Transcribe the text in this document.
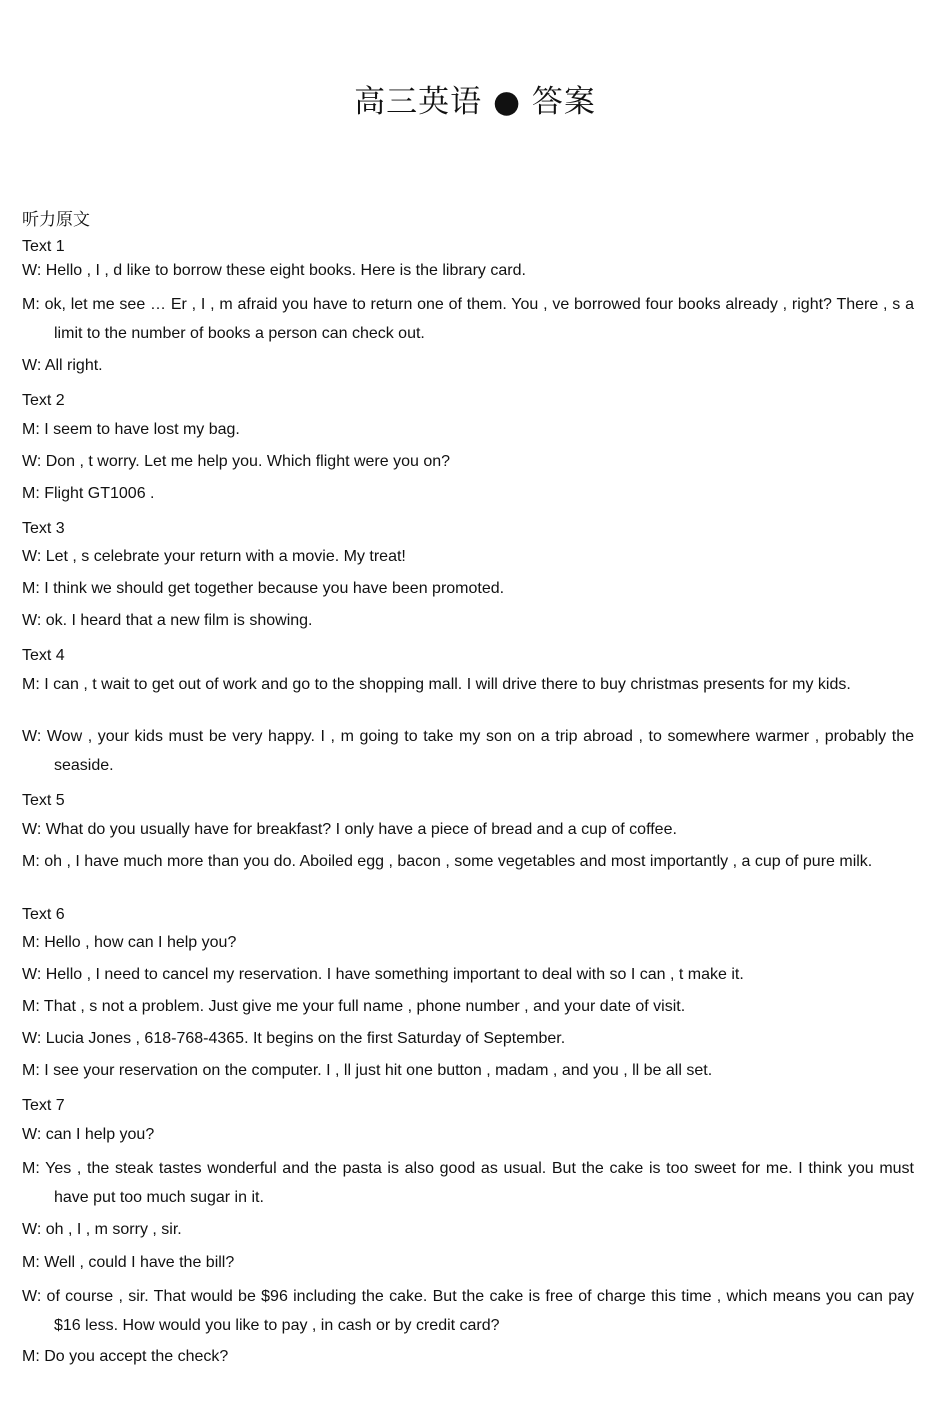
高三英语 ● 答案
听力原文
Text 1
W: Hello , I , d like to borrow these eight books. Here is the library card.
M: ok, let me see … Er , I , m afraid you have to return one of them. You , ve borrowed four books already , right? There , s a
limit to the number of books a person can check out.
W: All right.
Text 2
M: I seem to have lost my bag.
W: Don , t worry. Let me help you. Which flight were you on?
M: Flight GT1006 .
Text 3
W: Let , s celebrate your return with a movie. My treat!
M: I think we should get together because you have been promoted.
W: ok. I heard that a new film is showing.
Text 4
M: I can , t wait to get out of work and go to the shopping mall. I will drive there to buy christmas presents for my kids.
W: Wow , your kids must be very happy. I , m going to take my son on a trip abroad , to somewhere warmer , probably the
seaside.
Text 5
W: What do you usually have for breakfast? I only have a piece of bread and a cup of coffee.
M: oh , I have much more than you do. Aboiled egg , bacon , some vegetables and most importantly , a cup of pure milk.
Text 6
M: Hello , how can I help you?
W: Hello , I need to cancel my reservation. I have something important to deal with so I can , t make it.
M: That , s not a problem. Just give me your full name , phone number , and your date of visit.
W: Lucia Jones , 618-768-4365. It begins on the first Saturday of September.
M: I see your reservation on the computer. I , ll just hit one button , madam , and you , ll be all set.
Text 7
W: can I help you?
M: Yes , the steak tastes wonderful and the pasta is also good as usual. But the cake is too sweet for me. I think you must
have put too much sugar in it.
W: oh , I , m sorry , sir.
M: Well , could I have the bill?
W: of course , sir. That would be $96 including the cake. But the cake is free of charge this time , which means you can pay
$16 less. How would you like to pay , in cash or by credit card?
M: Do you accept the check?
